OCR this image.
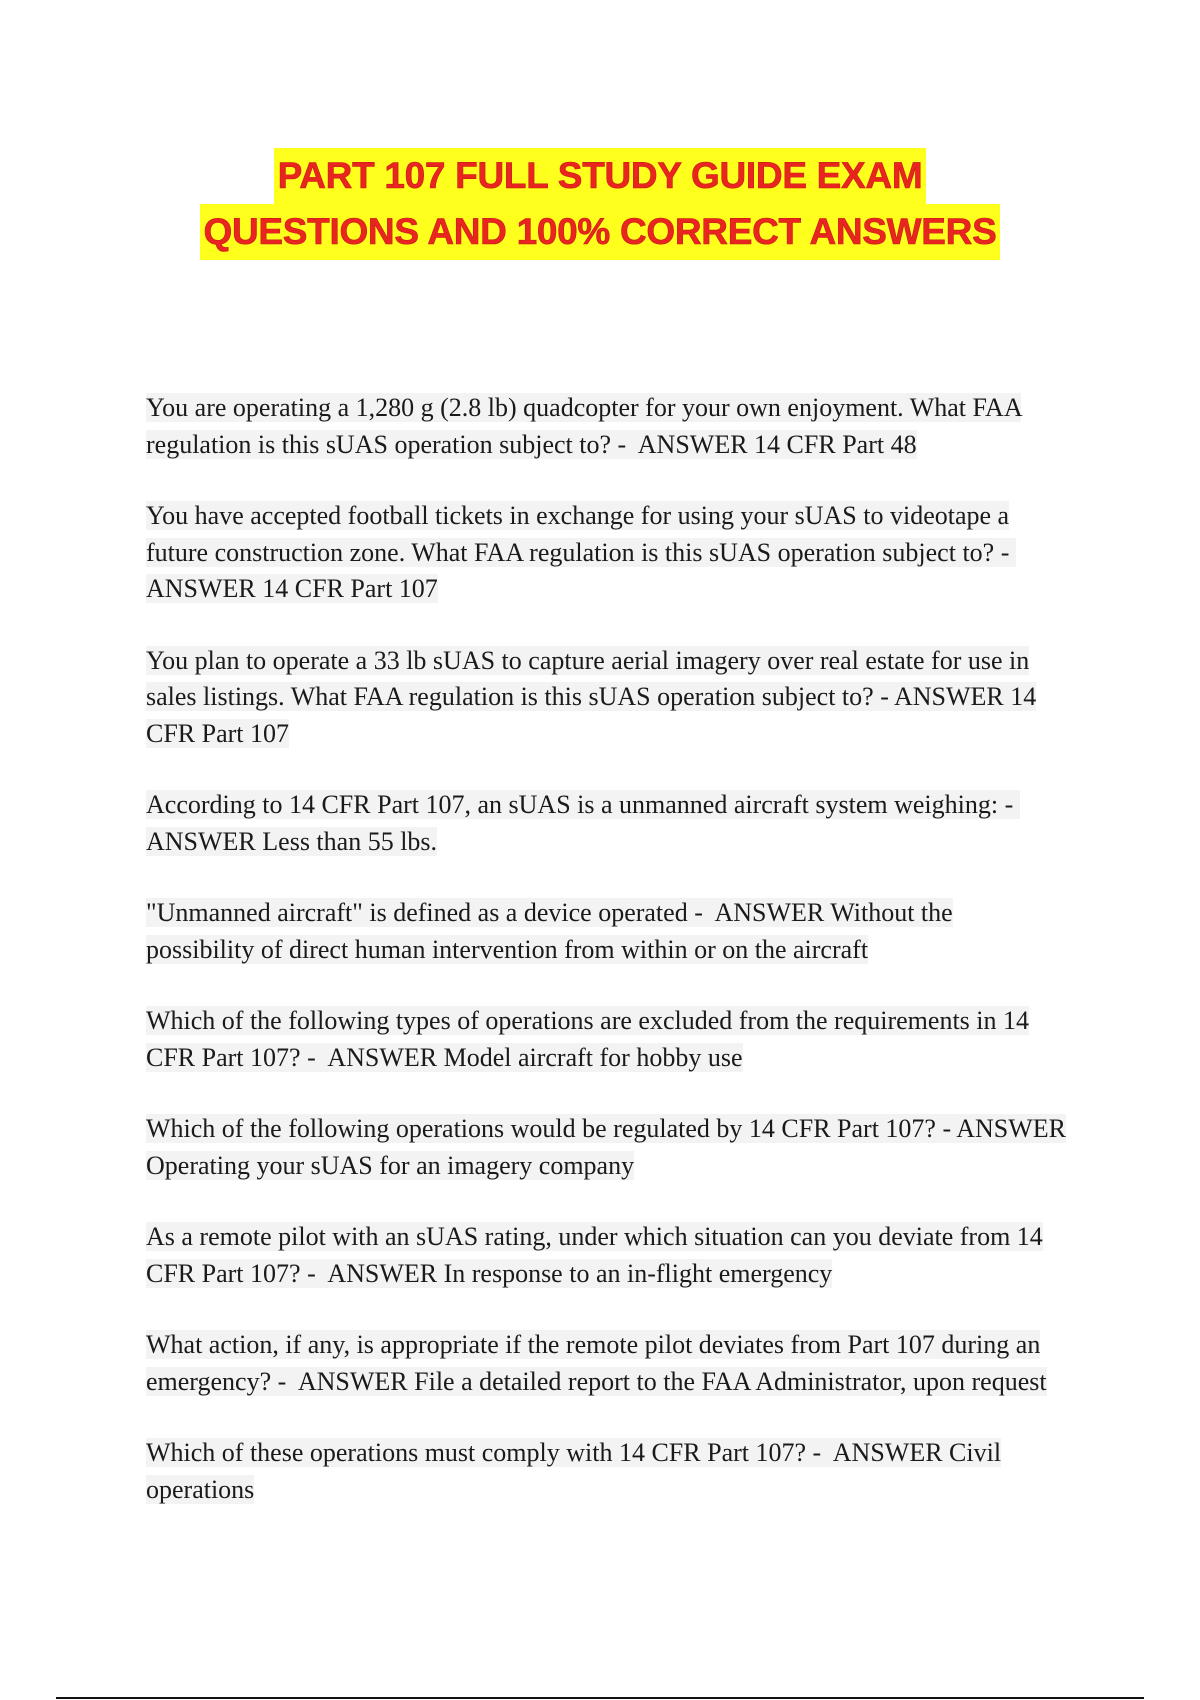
PART 107 FULL STUDY GUIDE EXAM
QUESTIONS AND 100% CORRECT ANSWERS

You are operating a 1,280 g (2.8 lb) quadcopter for your own enjoyment. What FAA regulation is this sUAS operation subject to? - ANSWER 14 CFR Part 48

You have accepted football tickets in exchange for using your sUAS to videotape a future construction zone. What FAA regulation is this sUAS operation subject to? -  ANSWER 14 CFR Part 107

You plan to operate a 33 lb sUAS to capture aerial imagery over real estate for use in sales listings. What FAA regulation is this sUAS operation subject to? - ANSWER 14 CFR Part 107

According to 14 CFR Part 107, an sUAS is a unmanned aircraft system weighing: -  ANSWER Less than 55 lbs.

"Unmanned aircraft" is defined as a device operated - ANSWER Without the possibility of direct human intervention from within or on the aircraft

Which of the following types of operations are excluded from the requirements in 14 CFR Part 107? - ANSWER Model aircraft for hobby use

Which of the following operations would be regulated by 14 CFR Part 107? - ANSWER Operating your sUAS for an imagery company

As a remote pilot with an sUAS rating, under which situation can you deviate from 14 CFR Part 107? - ANSWER In response to an in-flight emergency

What action, if any, is appropriate if the remote pilot deviates from Part 107 during an emergency? - ANSWER File a detailed report to the FAA Administrator, upon request

Which of these operations must comply with 14 CFR Part 107? - ANSWER Civil operations
